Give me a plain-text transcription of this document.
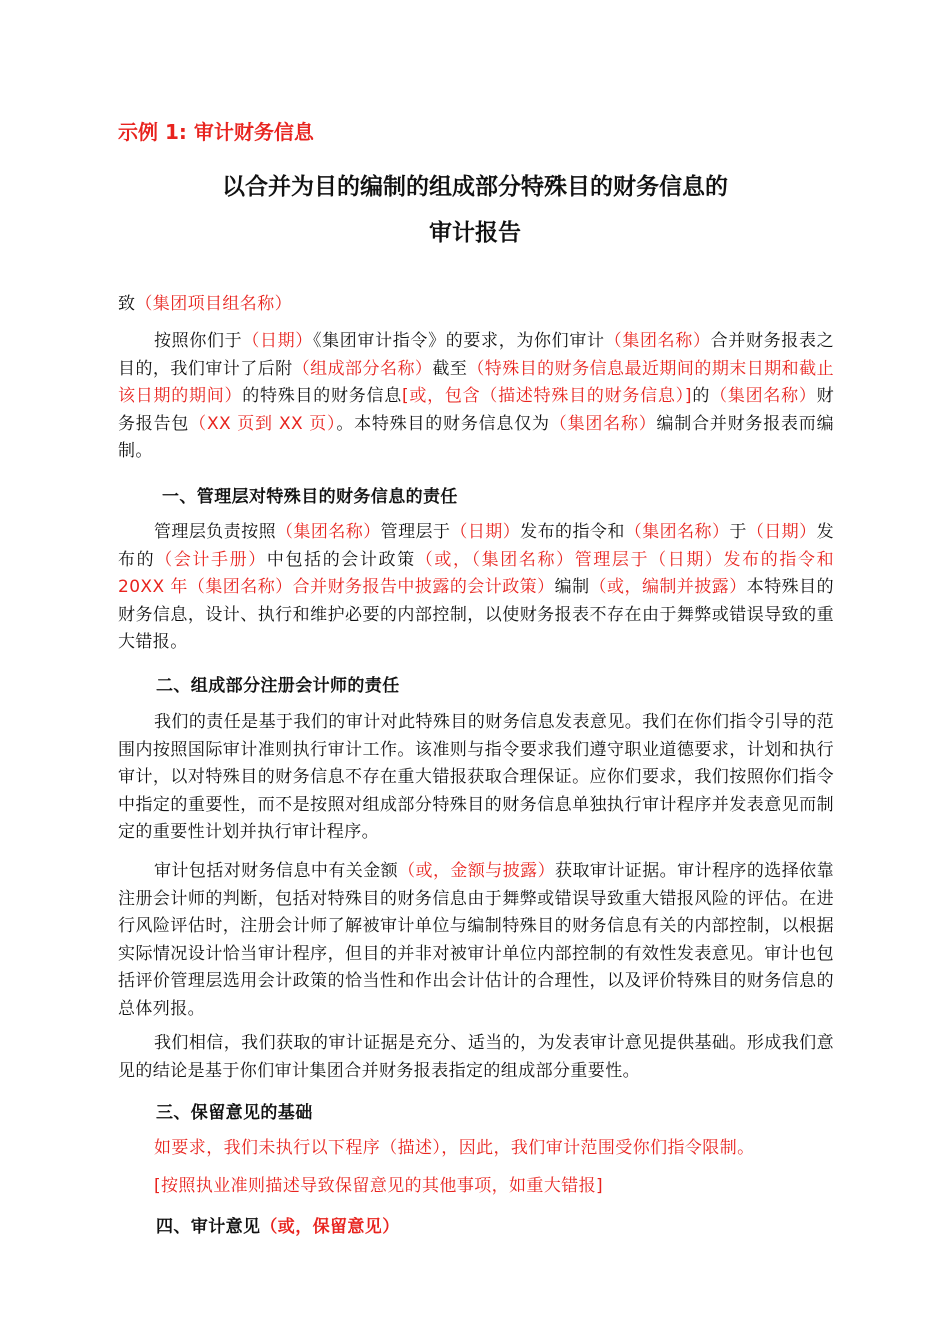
示例 1: 审计财务信息
以合并为目的编制的组成部分特殊目的财务信息的
审计报告
致（集团项目组名称）
按照你们于（日期）《集团审计指令》的要求，为你们审计（集团名称）合并财务报表之目的，我们审计了后附（组成部分名称）截至（特殊目的财务信息最近期间的期末日期和截止该日期的期间）的特殊目的财务信息[或，包含（描述特殊目的财务信息）]的（集团名称）财务报告包（XX 页到 XX 页）。本特殊目的财务信息仅为（集团名称）编制合并财务报表而编制。
一、管理层对特殊目的财务信息的责任
管理层负责按照（集团名称）管理层于（日期）发布的指令和（集团名称）于（日期）发布的（会计手册）中包括的会计政策（或，（集团名称）管理层于（日期）发布的指令和 20XX 年（集团名称）合并财务报告中披露的会计政策）编制（或，编制并披露）本特殊目的财务信息，设计、执行和维护必要的内部控制，以使财务报表不存在由于舞弊或错误导致的重大错报。
二、组成部分注册会计师的责任
我们的责任是基于我们的审计对此特殊目的财务信息发表意见。我们在你们指令引导的范围内按照国际审计准则执行审计工作。该准则与指令要求我们遵守职业道德要求，计划和执行审计，以对特殊目的财务信息不存在重大错报获取合理保证。应你们要求，我们按照你们指令中指定的重要性，而不是按照对组成部分特殊目的财务信息单独执行审计程序并发表意见而制定的重要性计划并执行审计程序。
审计包括对财务信息中有关金额（或，金额与披露）获取审计证据。审计程序的选择依靠注册会计师的判断，包括对特殊目的财务信息由于舞弊或错误导致重大错报风险的评估。在进行风险评估时，注册会计师了解被审计单位与编制特殊目的财务信息有关的内部控制，以根据实际情况设计恰当审计程序，但目的并非对被审计单位内部控制的有效性发表意见。审计也包括评价管理层选用会计政策的恰当性和作出会计估计的合理性，以及评价特殊目的财务信息的总体列报。
我们相信，我们获取的审计证据是充分、适当的，为发表审计意见提供基础。形成我们意见的结论是基于你们审计集团合并财务报表指定的组成部分重要性。
三、保留意见的基础
如要求，我们未执行以下程序（描述），因此，我们审计范围受你们指令限制。
[按照执业准则描述导致保留意见的其他事项，如重大错报]
四、审计意见（或，保留意见）
